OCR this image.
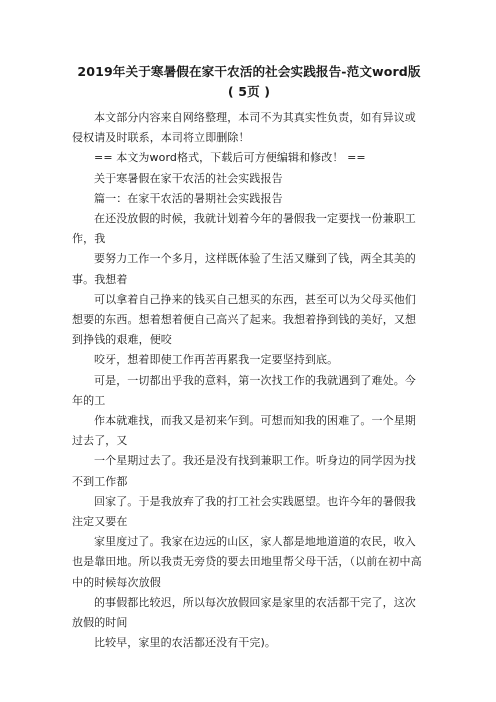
2019年关于寒暑假在家干农活的社会实践报告-范文word版
( 5页 )

本文部分内容来自网络整理，本司不为其真实性负责，如有异议或侵权请及时联系，本司将立即删除！

== 本文为word格式，下载后可方便编辑和修改！ ==

关于寒暑假在家干农活的社会实践报告

篇一：在家干农活的暑期社会实践报告

在还没放假的时候，我就计划着今年的暑假我一定要找一份兼职工作，我

要努力工作一个多月，这样既体验了生活又赚到了钱，两全其美的事。我想着

可以拿着自己挣来的钱买自己想买的东西，甚至可以为父母买他们想要的东西。想着想着便自己高兴了起来。我想着挣到钱的美好，又想到挣钱的艰难，便咬

咬牙，想着即使工作再苦再累我一定要坚持到底。

可是，一切都出乎我的意料，第一次找工作的我就遇到了难处。今年的工

作本就难找，而我又是初来乍到。可想而知我的困难了。一个星期过去了，又

一个星期过去了。我还是没有找到兼职工作。听身边的同学因为找不到工作都

回家了。于是我放弃了我的打工社会实践愿望。也许今年的暑假我注定又要在

家里度过了。我家在边远的山区，家人都是地地道道的农民，收入也是靠田地。所以我责无旁贷的要去田地里帮父母干活，（以前在初中高中的时候每次放假

的事假都比较迟，所以每次放假回家是家里的农活都干完了，这次放假的时间

比较早，家里的农活都还没有干完)。
